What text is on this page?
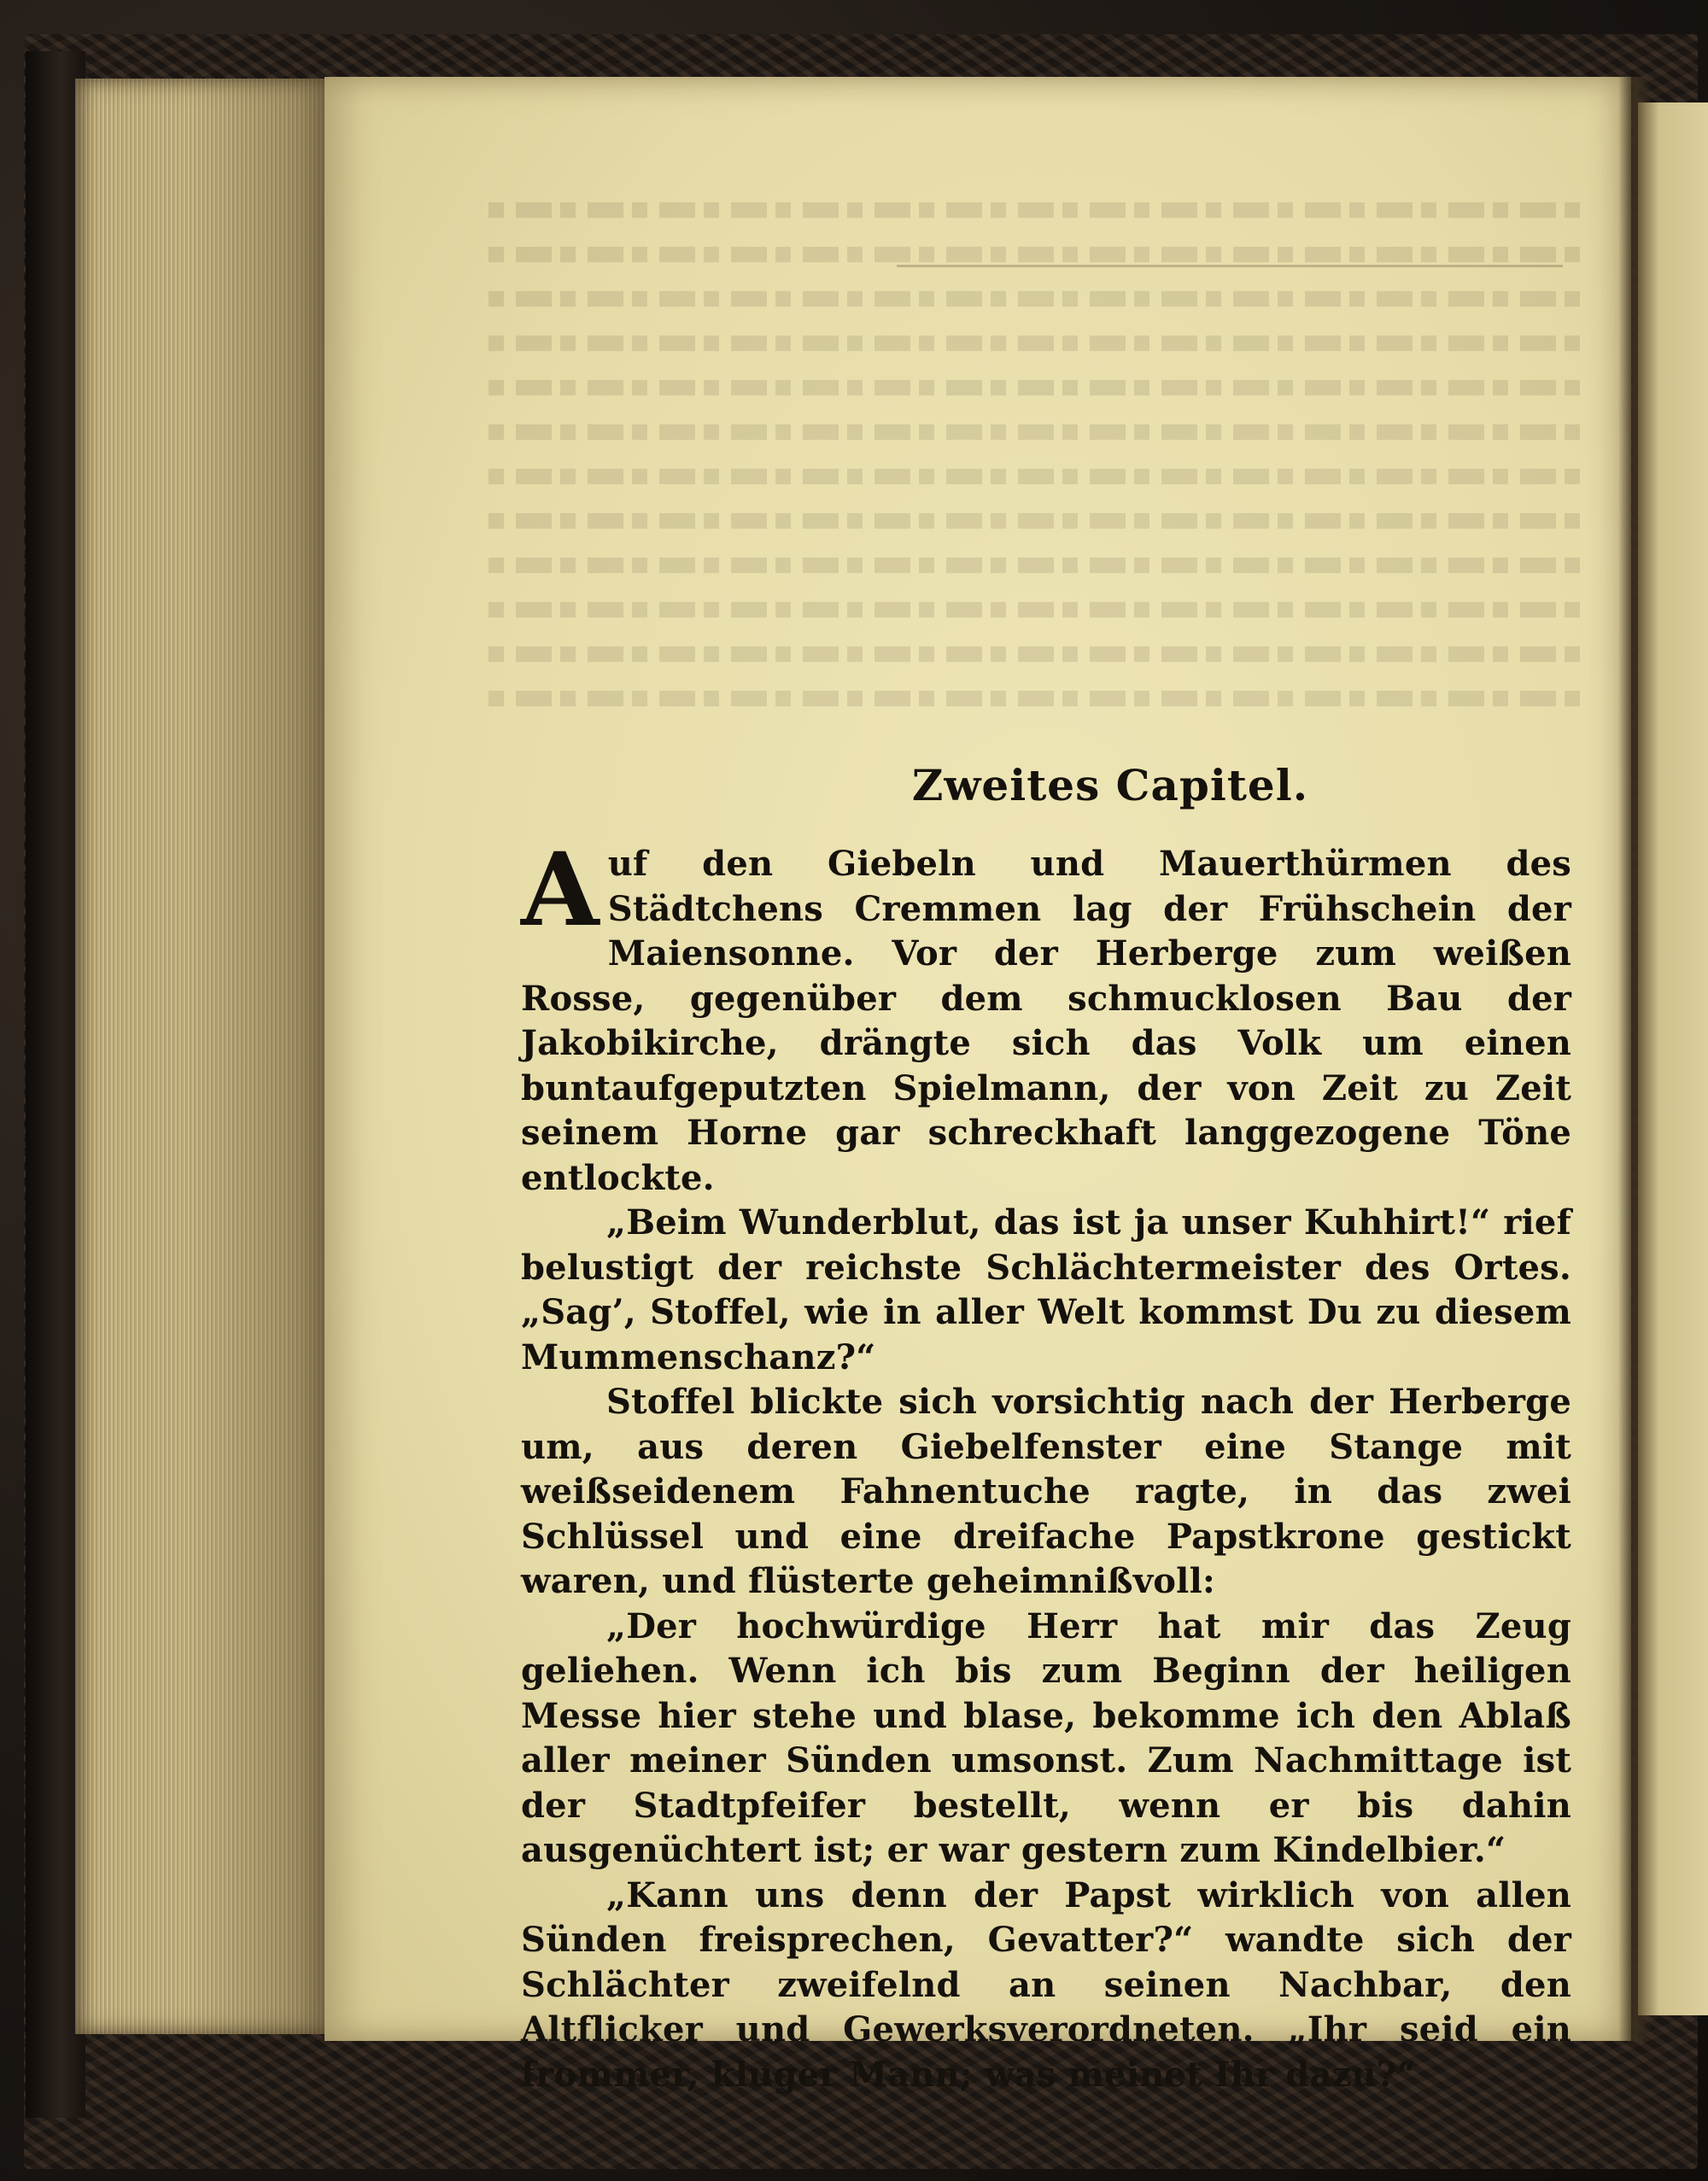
Zweites Capitel.

Auf den Giebeln und Mauerthürmen des Städtchens Cremmen lag der Frühschein der Maiensonne. Vor der Herberge zum weißen Rosse, gegenüber dem schmucklosen Bau der Jakobikirche, drängte sich das Volk um einen buntaufgeputzten Spielmann, der von Zeit zu Zeit seinem Horne gar schreckhaft langgezogene Töne entlockte.

„Beim Wunderblut, das ist ja unser Kuhhirt!“ rief belustigt der reichste Schlächtermeister des Ortes. „Sag’, Stoffel, wie in aller Welt kommst Du zu diesem Mummenschanz?“

Stoffel blickte sich vorsichtig nach der Herberge um, aus deren Giebelfenster eine Stange mit weißseidenem Fahnentuche ragte, in das zwei Schlüssel und eine dreifache Papstkrone gestickt waren, und flüsterte geheimnißvoll:

„Der hochwürdige Herr hat mir das Zeug geliehen. Wenn ich bis zum Beginn der heiligen Messe hier stehe und blase, bekomme ich den Ablaß aller meiner Sünden umsonst. Zum Nachmittage ist der Stadtpfeifer bestellt, wenn er bis dahin ausgenüchtert ist; er war gestern zum Kindelbier.“

„Kann uns denn der Papst wirklich von allen Sünden freisprechen, Gevatter?“ wandte sich der Schlächter zweifelnd an seinen Nachbar, den Altflicker und Gewerksverordneten. „Ihr seid ein frommer, kluger Mann; was meinet Ihr dazu?“
